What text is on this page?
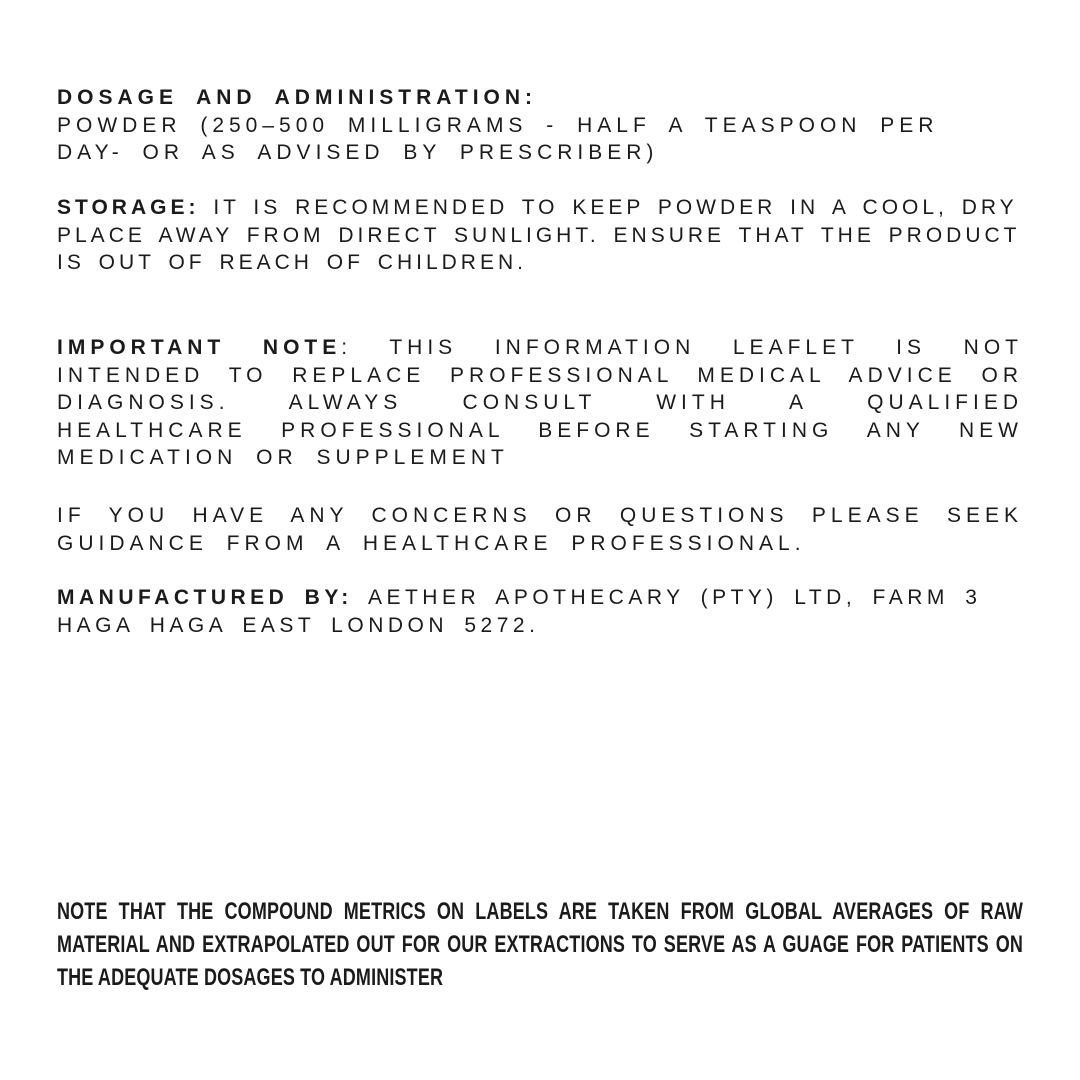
DOSAGE AND ADMINISTRATION:
POWDER (250–500 MILLIGRAMS - HALF A TEASPOON PER DAY- OR AS ADVISED BY PRESCRIBER)
STORAGE: IT IS RECOMMENDED TO KEEP POWDER IN A COOL, DRY PLACE AWAY FROM DIRECT SUNLIGHT. ENSURE THAT THE PRODUCT IS OUT OF REACH OF CHILDREN.
IMPORTANT NOTE: THIS INFORMATION LEAFLET IS NOT INTENDED TO REPLACE PROFESSIONAL MEDICAL ADVICE OR DIAGNOSIS. ALWAYS CONSULT WITH A QUALIFIED HEALTHCARE PROFESSIONAL BEFORE STARTING ANY NEW MEDICATION OR SUPPLEMENT
IF YOU HAVE ANY CONCERNS OR QUESTIONS PLEASE SEEK GUIDANCE FROM A HEALTHCARE PROFESSIONAL.
MANUFACTURED BY: AETHER APOTHECARY (PTY) LTD, FARM 3 HAGA HAGA EAST LONDON 5272.
NOTE THAT THE COMPOUND METRICS ON LABELS ARE TAKEN FROM GLOBAL AVERAGES OF RAW MATERIAL AND EXTRAPOLATED OUT FOR OUR EXTRACTIONS TO SERVE AS A GUAGE FOR PATIENTS ON THE ADEQUATE DOSAGES TO ADMINISTER
